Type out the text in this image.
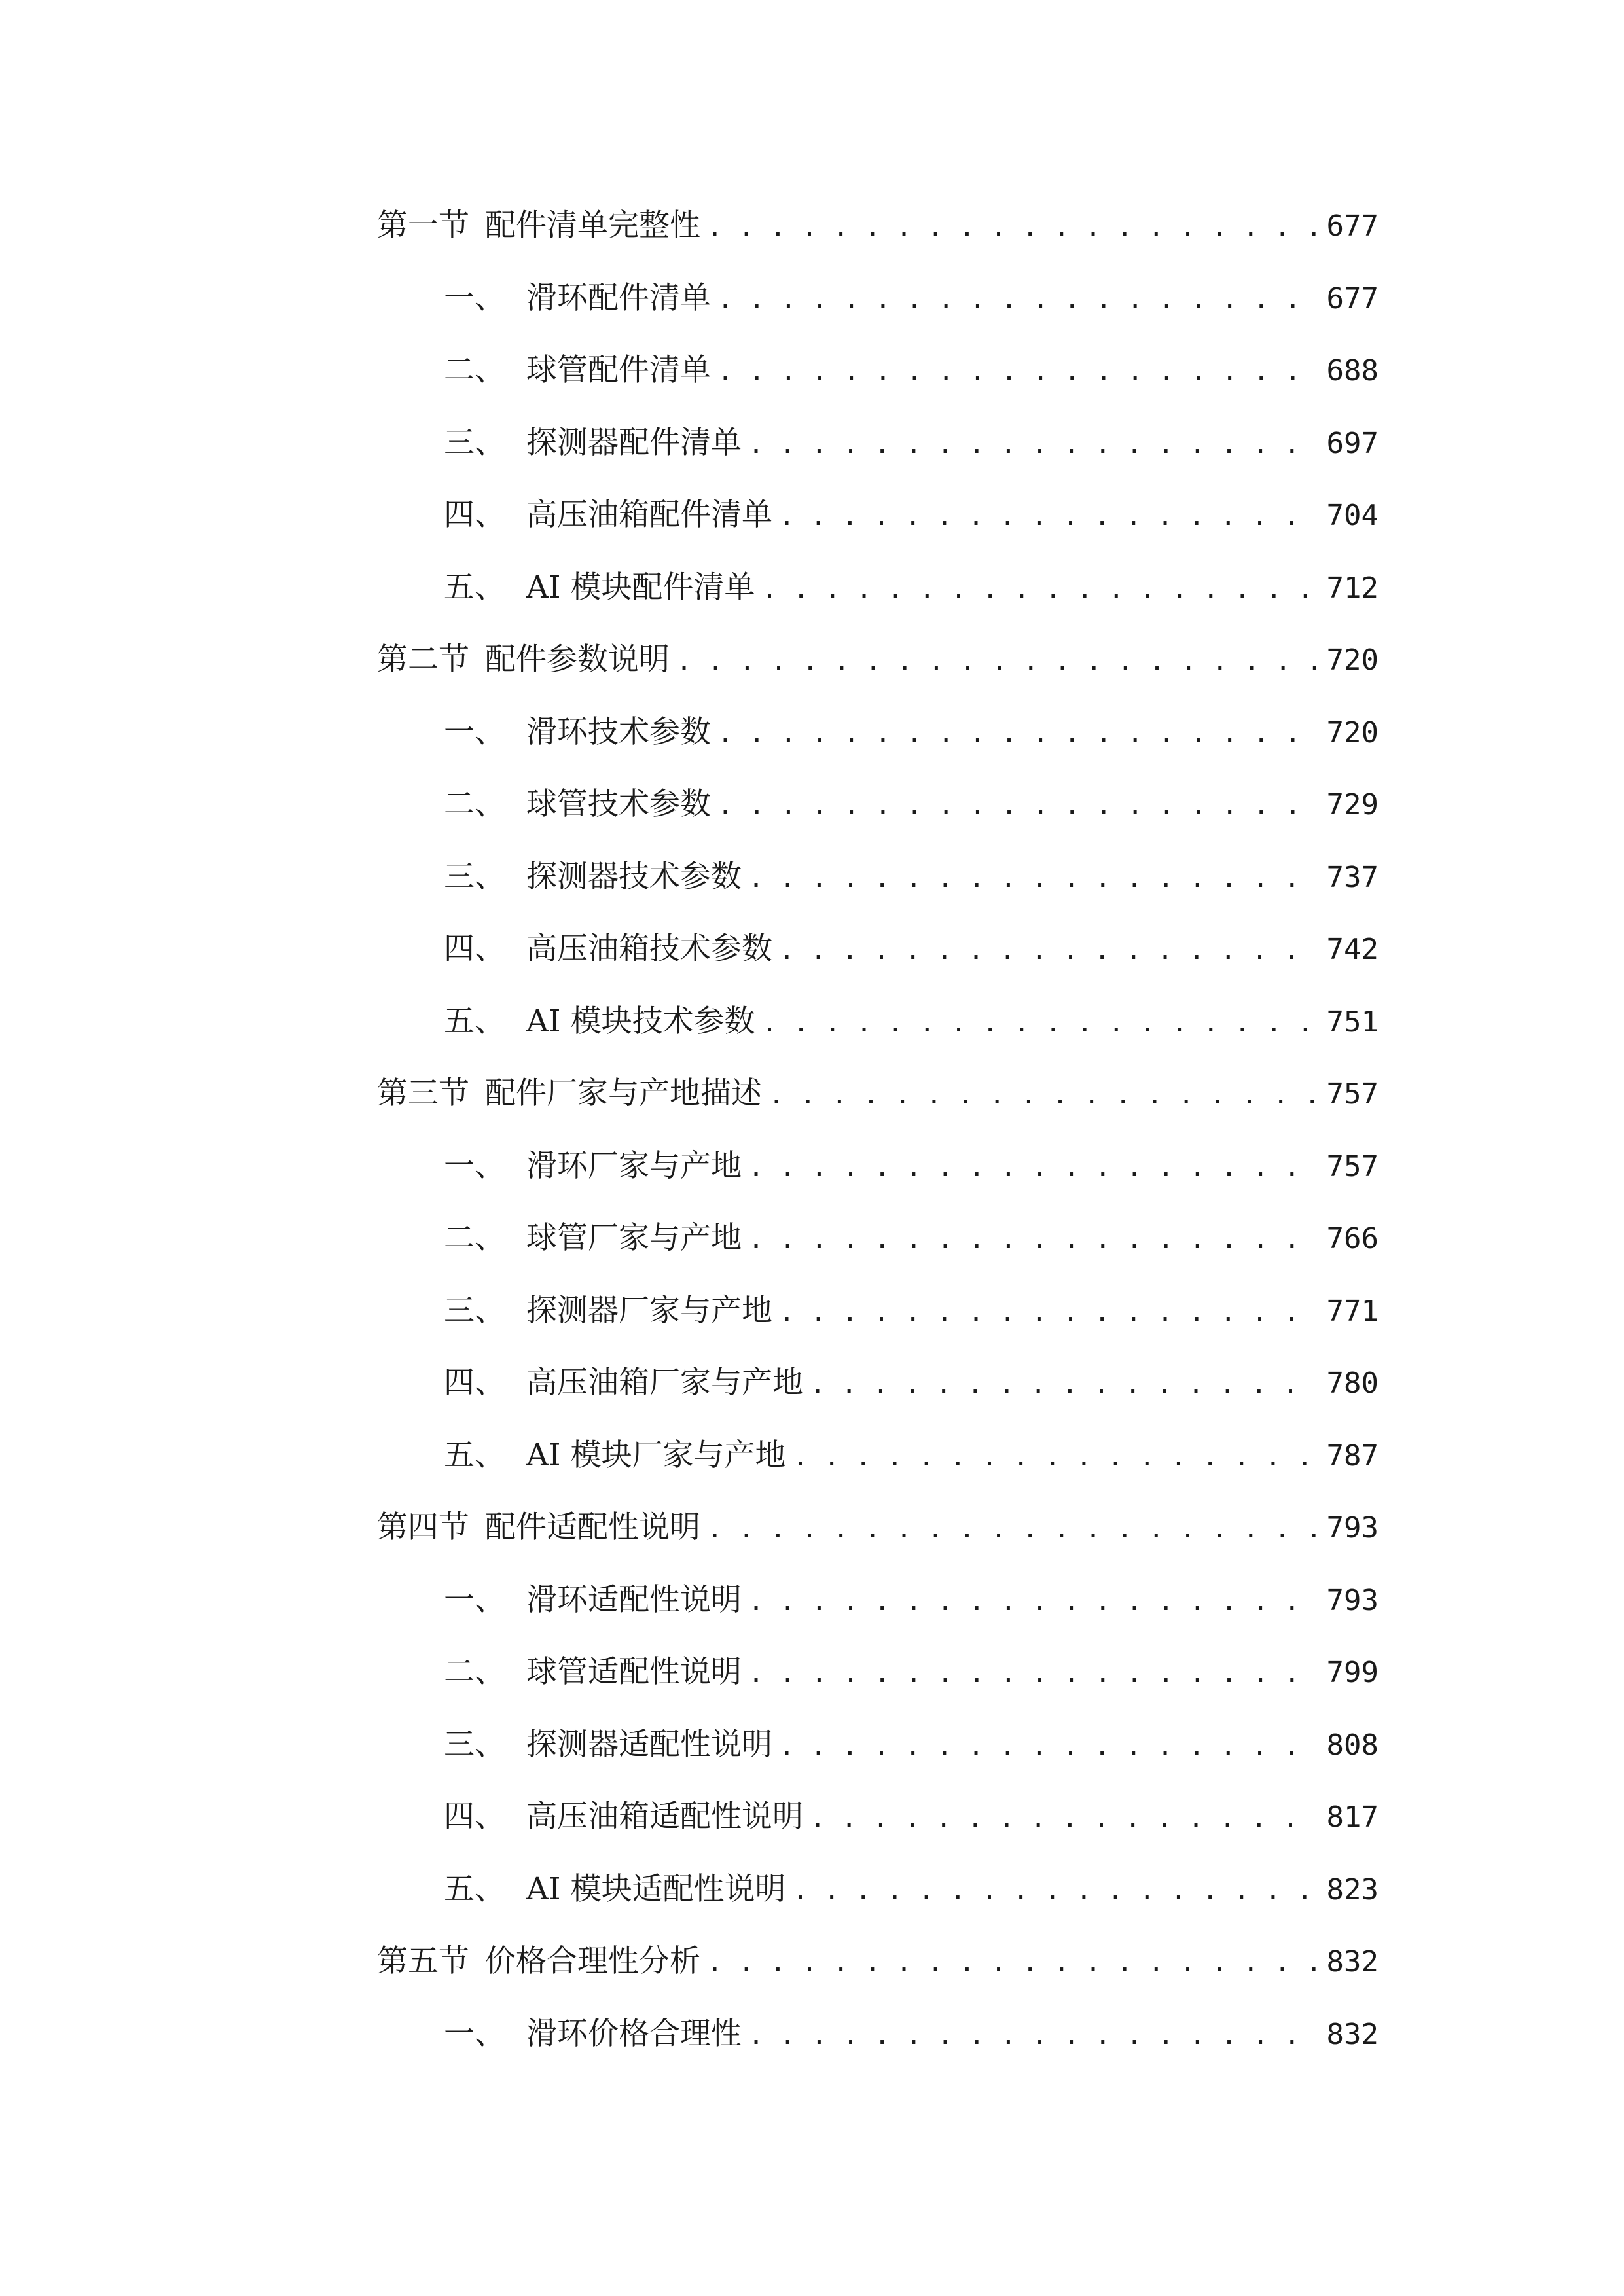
第一节 配件清单完整性 . . .	677
一、 滑环配件清单 . . .	677
二、 球管配件清单 . . .	688
三、 探测器配件清单 . . .	697
四、 高压油箱配件清单 . . .	704
五、 AI 模块配件清单 . . .	712
第二节 配件参数说明 . . .	720
一、 滑环技术参数 . . .	720
二、 球管技术参数 . . .	729
三、 探测器技术参数 . . .	737
四、 高压油箱技术参数 . . .	742
五、 AI 模块技术参数 . . .	751
第三节 配件厂家与产地描述 . . .	757
一、 滑环厂家与产地 . . .	757
二、 球管厂家与产地 . . .	766
三、 探测器厂家与产地 . . .	771
四、 高压油箱厂家与产地 . . .	780
五、 AI 模块厂家与产地 . . .	787
第四节 配件适配性说明 . . .	793
一、 滑环适配性说明 . . .	793
二、 球管适配性说明 . . .	799
三、 探测器适配性说明 . . .	808
四、 高压油箱适配性说明 . . .	817
五、 AI 模块适配性说明 . . .	823
第五节 价格合理性分析 . . .	832
一、 滑环价格合理性 . . .	832
